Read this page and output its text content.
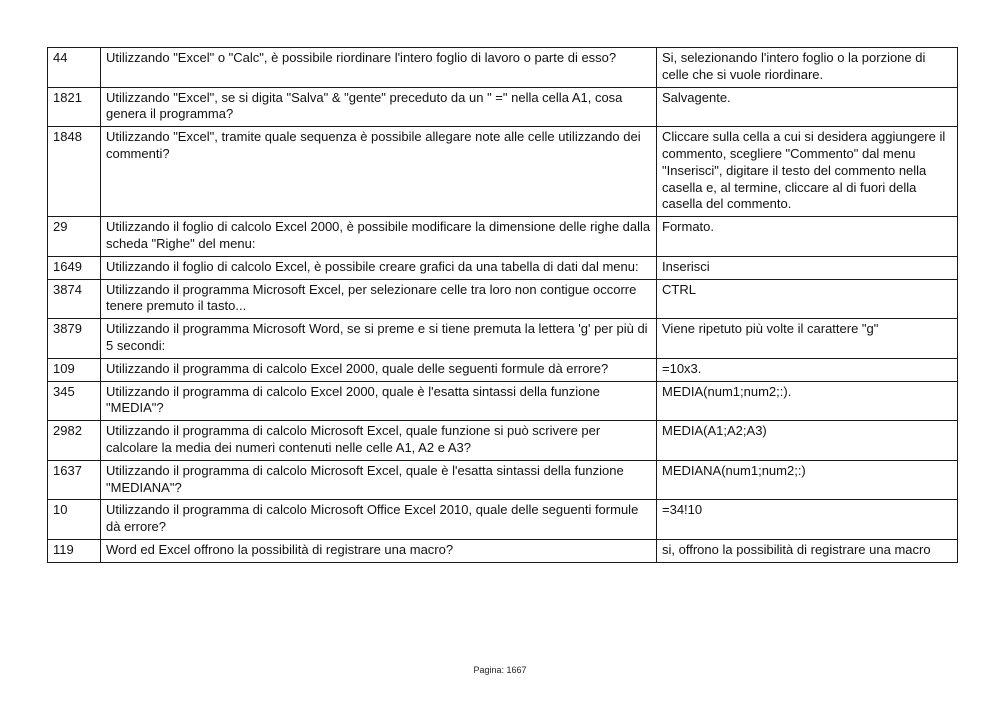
44	Utilizzando "Excel" o "Calc", è possibile riordinare l'intero foglio di lavoro o parte di esso?	Si, selezionando l'intero foglio o la porzione di celle che si vuole riordinare.
1821	Utilizzando "Excel", se si digita "Salva" & "gente" preceduto da un " =" nella cella A1, cosa genera il programma?	Salvagente.
1848	Utilizzando "Excel", tramite quale sequenza è possibile allegare note alle celle utilizzando dei commenti?	Cliccare sulla cella a cui si desidera aggiungere il commento, scegliere "Commento" dal menu "Inserisci", digitare il testo del commento nella casella e, al termine, cliccare al di fuori della casella del commento.
29	Utilizzando il foglio di calcolo Excel 2000, è possibile modificare la dimensione delle righe dalla scheda "Righe" del menu:	Formato.
1649	Utilizzando il foglio di calcolo Excel, è possibile creare grafici da una tabella di dati dal menu:	Inserisci
3874	Utilizzando il programma Microsoft Excel, per selezionare celle tra loro non contigue occorre tenere premuto il tasto...	CTRL
3879	Utilizzando il programma Microsoft Word, se si preme e si tiene premuta la lettera 'g' per più di 5 secondi:	Viene ripetuto più volte il carattere "g"
109	Utilizzando il programma di calcolo Excel 2000, quale delle seguenti formule dà errore?	=10x3.
345	Utilizzando il programma di calcolo Excel 2000, quale è l'esatta sintassi della funzione "MEDIA"?	MEDIA(num1;num2;:).
2982	Utilizzando il programma di calcolo Microsoft Excel, quale funzione si può scrivere per calcolare la media dei numeri contenuti nelle celle A1, A2 e A3?	MEDIA(A1;A2;A3)
1637	Utilizzando il programma di calcolo Microsoft Excel, quale è l'esatta sintassi della funzione "MEDIANA"?	MEDIANA(num1;num2;:)
10	Utilizzando il programma di calcolo Microsoft Office Excel 2010, quale delle seguenti formule dà errore?	=34!10
119	Word ed Excel offrono la possibilità di registrare una macro?	si, offrono la possibilità di registrare una macro
Pagina: 1667
